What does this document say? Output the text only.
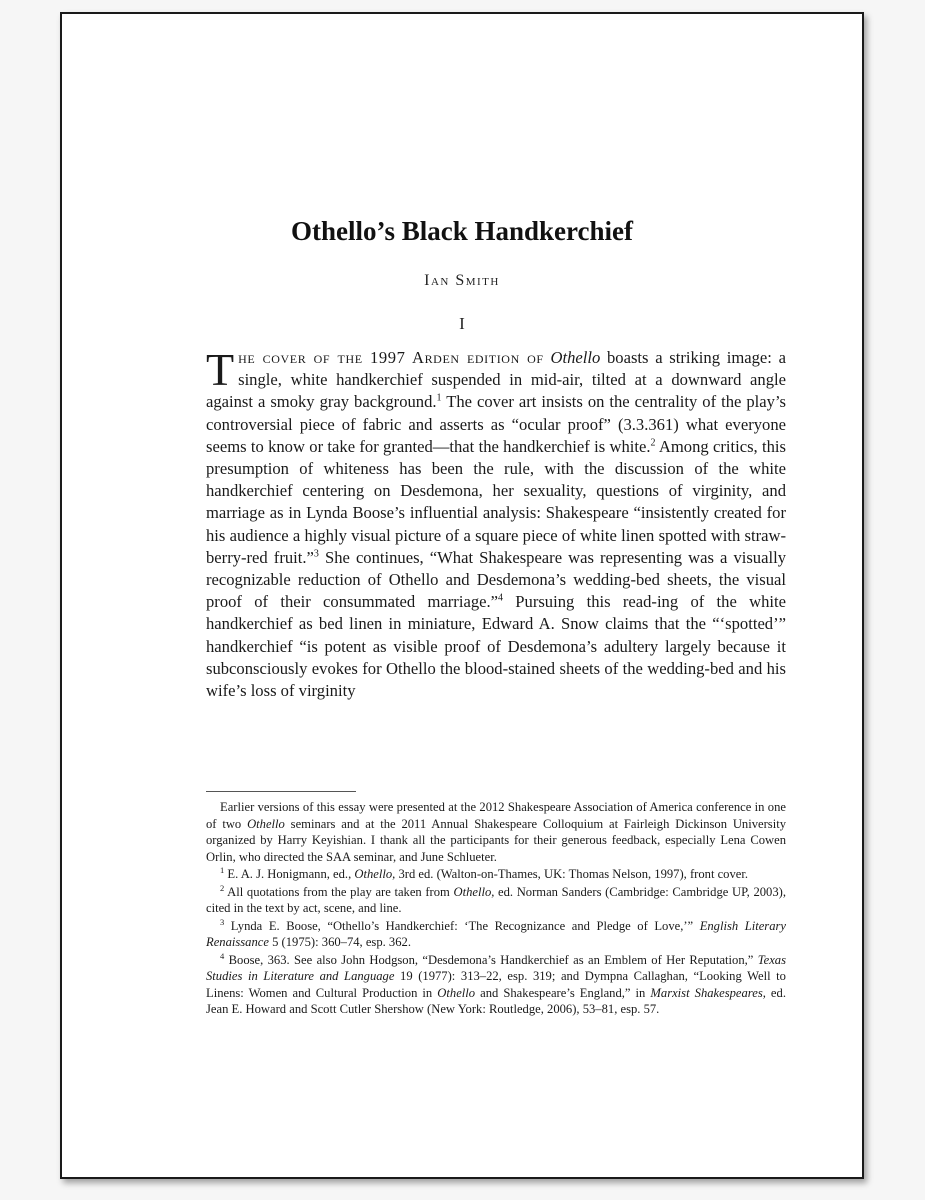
Othello’s Black Handkerchief
Ian Smith
I

The cover of the 1997 Arden edition of Othello boasts a striking image: a single, white handkerchief suspended in mid-air, tilted at a downward angle against a smoky gray background.$^1$ The cover art insists on the centrality of the play’s controversial piece of fabric and asserts as “ocular proof” (3.3.361) what everyone seems to know or take for granted—that the handkerchief is white.$^2$ Among critics, this presumption of whiteness has been the rule, with the discussion of the white handkerchief centering on Desdemona, her sexuality, questions of virginity, and marriage as in Lynda Boose’s influential analysis: Shakespeare “insistently created for his audience a highly visual picture of a square piece of white linen spotted with straw-berry-red fruit.”$^3$ She continues, “What Shakespeare was representing was a visually recognizable reduction of Othello and Desdemona’s wedding-bed sheets, the visual proof of their consummated marriage.”$^4$ Pursuing this read-ing of the white handkerchief as bed linen in miniature, Edward A. Snow claims that the “‘spotted’” handkerchief “is potent as visible proof of Desdemona’s adultery largely because it subconsciously evokes for Othello the blood-stained sheets of the wedding-bed and his wife’s loss of virginity

Earlier versions of this essay were presented at the 2012 Shakespeare Association of America conference in one of two Othello seminars and at the 2011 Annual Shakespeare Colloquium at Fairleigh Dickinson University organized by Harry Keyishian. I thank all the participants for their generous feedback, especially Lena Cowen Orlin, who directed the SAA seminar, and June Schlueter.

$^1$ E. A. J. Honigmann, ed., Othello, 3rd ed. (Walton-on-Thames, UK: Thomas Nelson, 1997), front cover.

$^2$ All quotations from the play are taken from Othello, ed. Norman Sanders (Cambridge: Cambridge UP, 2003), cited in the text by act, scene, and line.

$^3$ Lynda E. Boose, “Othello’s Handkerchief: ‘The Recognizance and Pledge of Love,’” English Literary Renaissance 5 (1975): 360–74, esp. 362.

$^4$ Boose, 363. See also John Hodgson, “Desdemona’s Handkerchief as an Emblem of Her Reputation,” Texas Studies in Literature and Language 19 (1977): 313–22, esp. 319; and Dympna Callaghan, “Looking Well to Linens: Women and Cultural Production in Othello and Shakespeare’s England,” in Marxist Shakespeares, ed. Jean E. Howard and Scott Cutler Shershow (New York: Routledge, 2006), 53–81, esp. 57.
